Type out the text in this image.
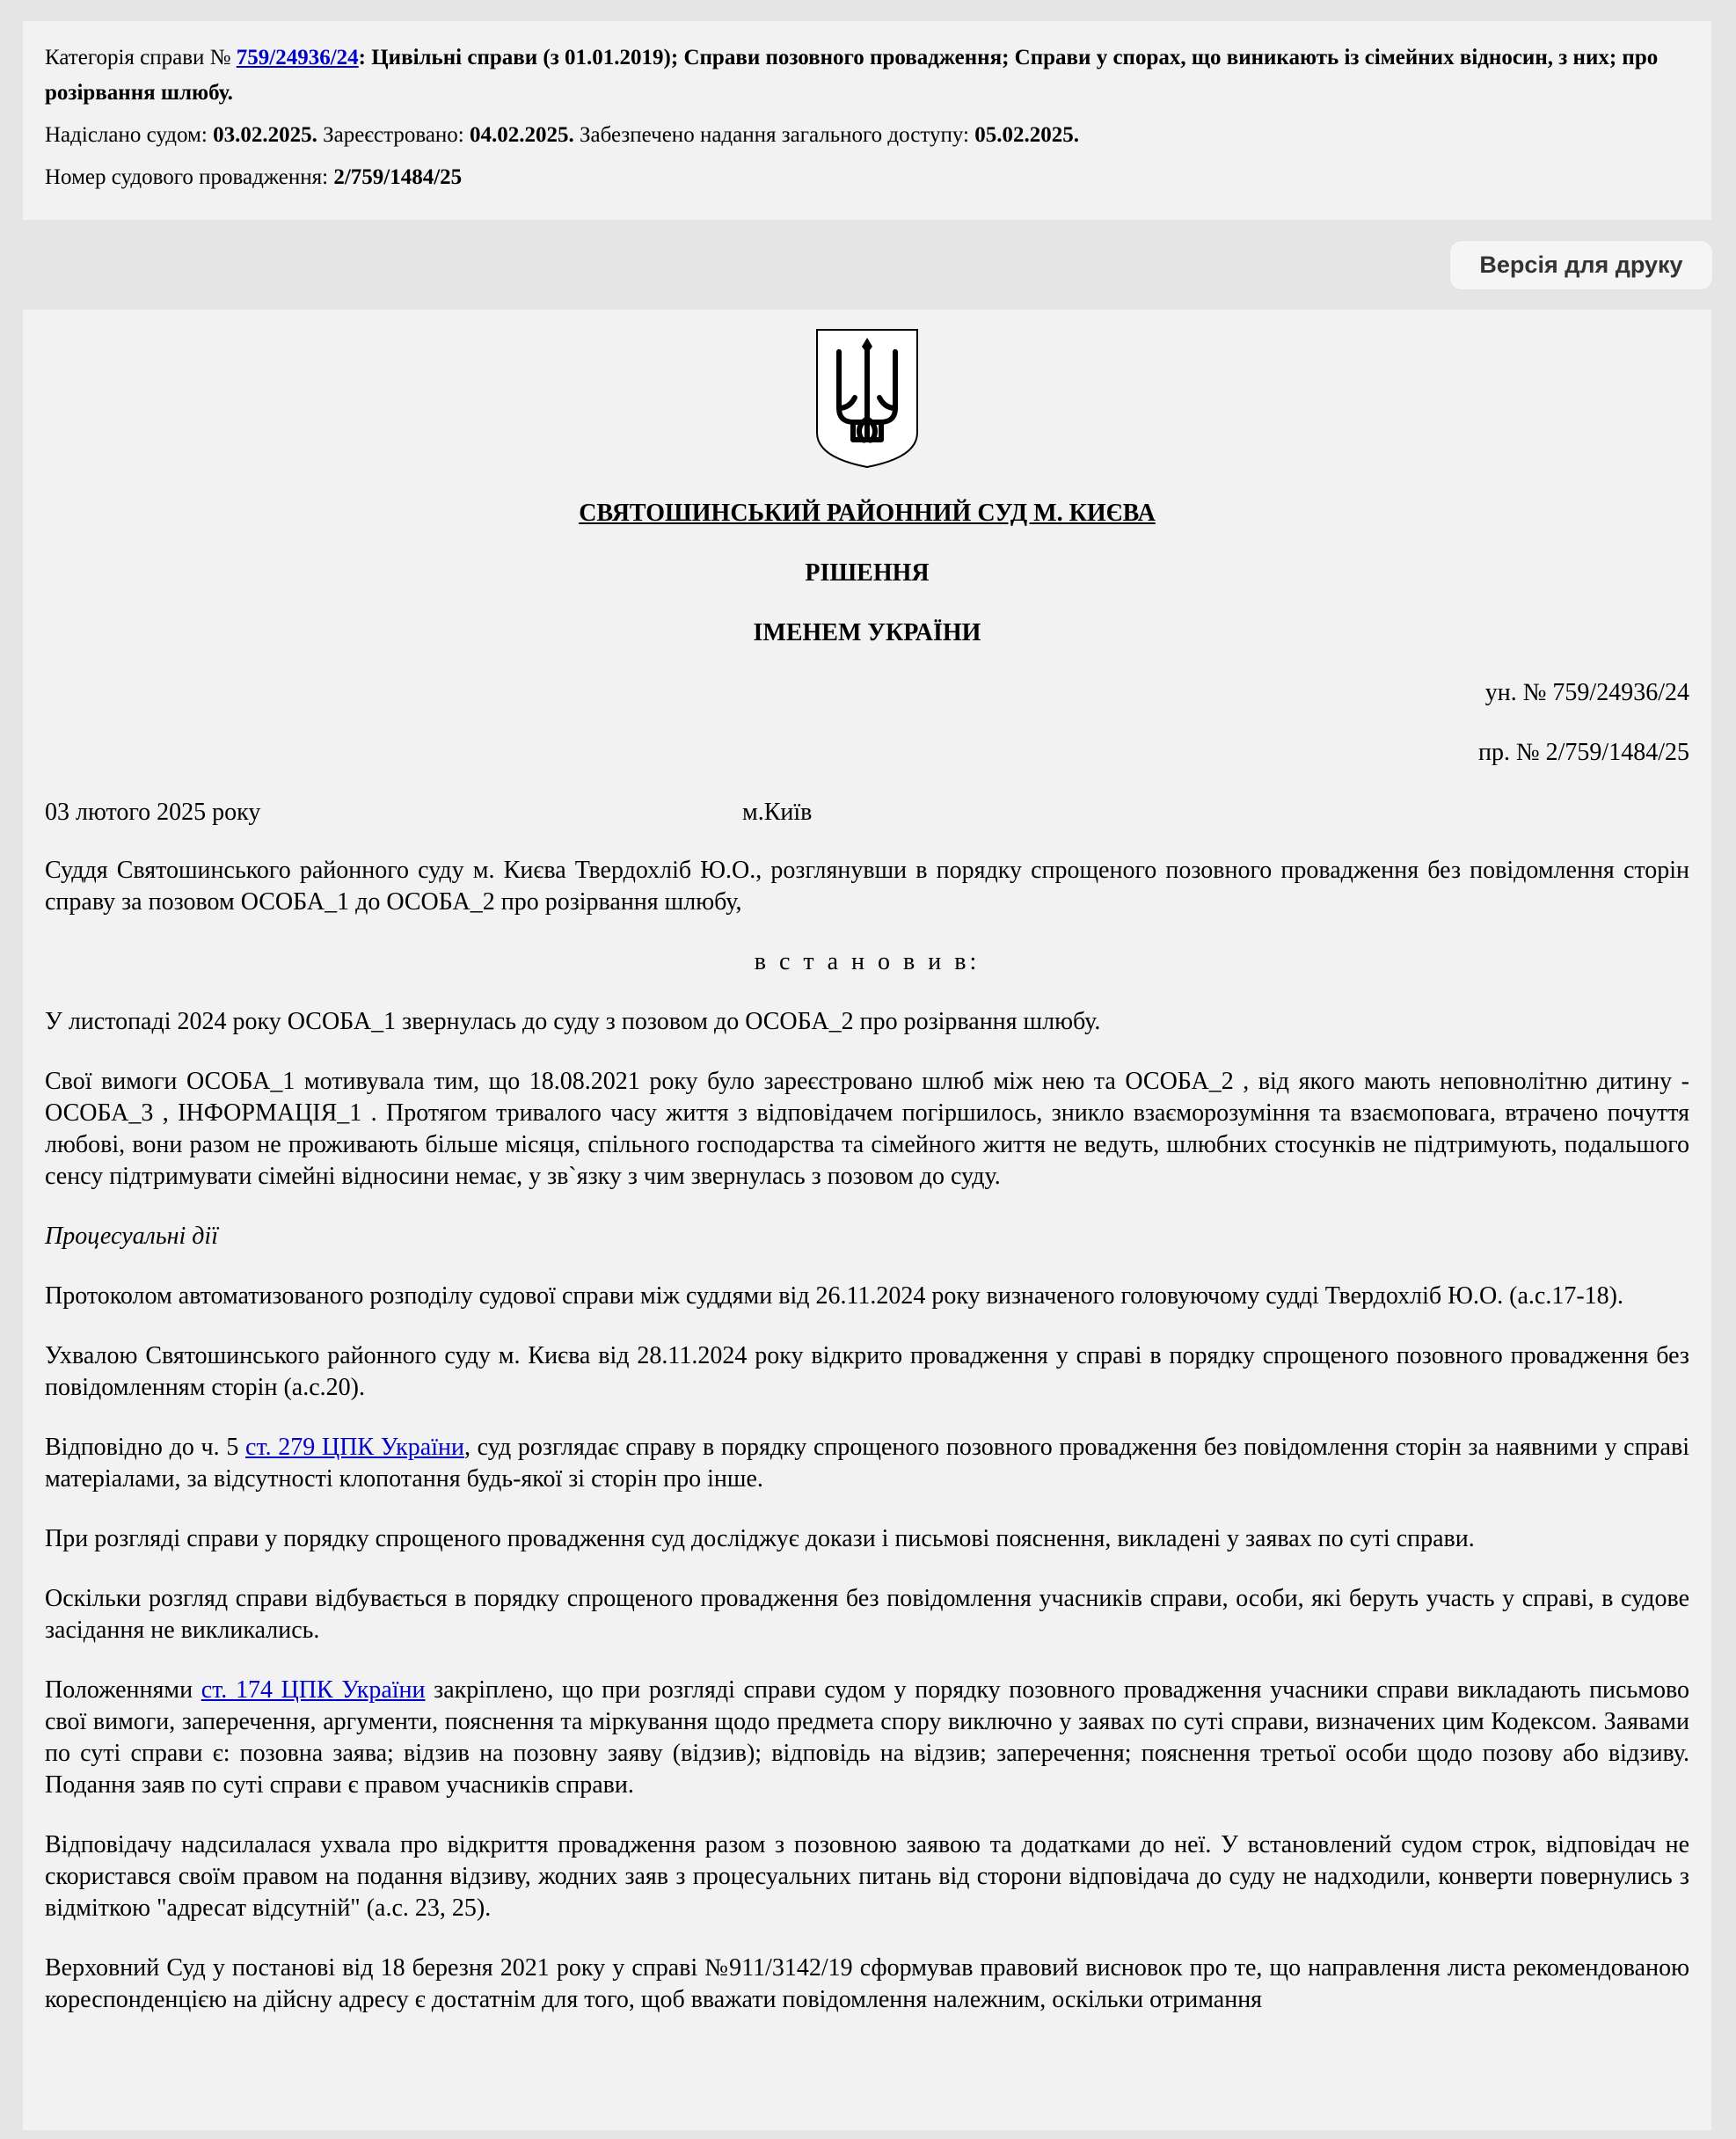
Категорія справи № 759/24936/24: Цивільні справи (з 01.01.2019); Справи позовного провадження; Справи у спорах, що виникають із сімейних відносин, з них; про розірвання шлюбу.

Надіслано судом: 03.02.2025. Зареєстровано: 04.02.2025. Забезпечено надання загального доступу: 05.02.2025.

Номер судового провадження: 2/759/1484/25

Версія для друку

СВЯТОШИНСЬКИЙ РАЙОННИЙ СУД М. КИЄВА

РІШЕННЯ

ІМЕНЕМ УКРАЇНИ

ун. № 759/24936/24

пр. № 2/759/1484/25

03 лютого 2025 року	м.Київ

Суддя Святошинського районного суду м. Києва Твердохліб Ю.О., розглянувши в порядку спрощеного позовного провадження без повідомлення сторін справу за позовом ОСОБА_1 до ОСОБА_2 про розірвання шлюбу,

в с т а н о в и в:

У листопаді 2024 року ОСОБА_1 звернулась до суду з позовом до ОСОБА_2 про розірвання шлюбу.

Свої вимоги ОСОБА_1 мотивувала тим, що 18.08.2021 року було зареєстровано шлюб між нею та ОСОБА_2 , від якого мають неповнолітню дитину - ОСОБА_3 , ІНФОРМАЦІЯ_1 . Протягом тривалого часу життя з відповідачем погіршилось, зникло взаєморозуміння та взаємоповага, втрачено почуття любові, вони разом не проживають більше місяця, спільного господарства та сімейного життя не ведуть, шлюбних стосунків не підтримують, подальшого сенсу підтримувати сімейні відносини немає, у зв`язку з чим звернулась з позовом до суду.

Процесуальні дії

Протоколом автоматизованого розподілу судової справи між суддями від 26.11.2024 року визначеного головуючому судді Твердохліб Ю.О. (а.с.17-18).

Ухвалою Святошинського районного суду м. Києва від 28.11.2024 року відкрито провадження у справі в порядку спрощеного позовного провадження без повідомленням сторін (а.с.20).

Відповідно до ч. 5 ст. 279 ЦПК України, суд розглядає справу в порядку спрощеного позовного провадження без повідомлення сторін за наявними у справі матеріалами, за відсутності клопотання будь-якої зі сторін про інше.

При розгляді справи у порядку спрощеного провадження суд досліджує докази і письмові пояснення, викладені у заявах по суті справи.

Оскільки розгляд справи відбувається в порядку спрощеного провадження без повідомлення учасників справи, особи, які беруть участь у справі, в судове засідання не викликались.

Положеннями ст. 174 ЦПК України закріплено, що при розгляді справи судом у порядку позовного провадження учасники справи викладають письмово свої вимоги, заперечення, аргументи, пояснення та міркування щодо предмета спору виключно у заявах по суті справи, визначених цим Кодексом. Заявами по суті справи є: позовна заява; відзив на позовну заяву (відзив); відповідь на відзив; заперечення; пояснення третьої особи щодо позову або відзиву. Подання заяв по суті справи є правом учасників справи.

Відповідачу надсилалася ухвала про відкриття провадження разом з позовною заявою та додатками до неї. У встановлений судом строк, відповідач не скористався своїм правом на подання відзиву, жодних заяв з процесуальних питань від сторони відповідача до суду не надходили, конверти повернулись з відміткою "адресат відсутній" (а.с. 23, 25).

Верховний Суд у постанові від 18 березня 2021 року у справі №911/3142/19 сформував правовий висновок про те, що направлення листа рекомендованою кореспонденцією на дійсну адресу є достатнім для того, щоб вважати повідомлення належним, оскільки отримання
